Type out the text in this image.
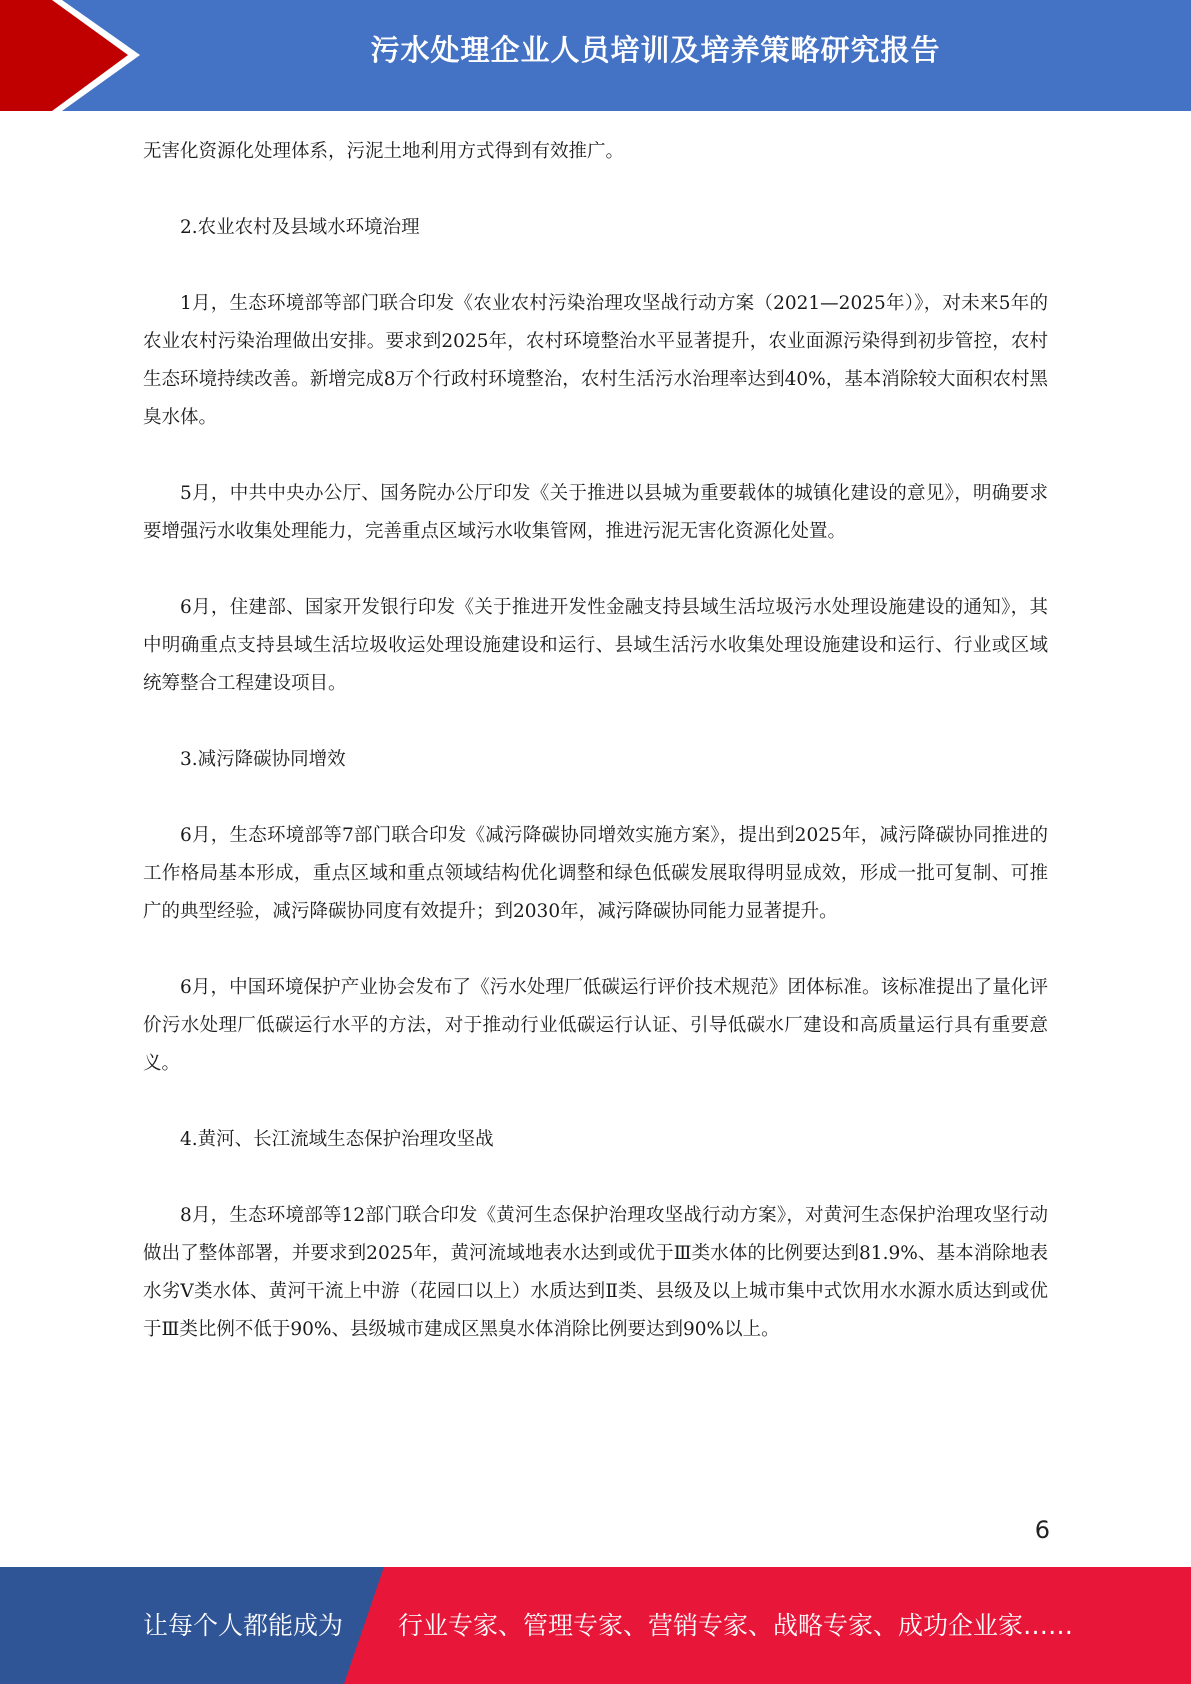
污水处理企业人员培训及培养策略研究报告

无害化资源化处理体系，污泥土地利用方式得到有效推广。

2.农业农村及县域水环境治理

1月，生态环境部等部门联合印发《农业农村污染治理攻坚战行动方案（2021—2025年）》，对未来5年的农业农村污染治理做出安排。要求到2025年，农村环境整治水平显著提升，农业面源污染得到初步管控，农村生态环境持续改善。新增完成8万个行政村环境整治，农村生活污水治理率达到40%，基本消除较大面积农村黑臭水体。

5月，中共中央办公厅、国务院办公厅印发《关于推进以县城为重要载体的城镇化建设的意见》，明确要求要增强污水收集处理能力，完善重点区域污水收集管网，推进污泥无害化资源化处置。

6月，住建部、国家开发银行印发《关于推进开发性金融支持县域生活垃圾污水处理设施建设的通知》，其中明确重点支持县域生活垃圾收运处理设施建设和运行、县域生活污水收集处理设施建设和运行、行业或区域统筹整合工程建设项目。

3.减污降碳协同增效

6月，生态环境部等7部门联合印发《减污降碳协同增效实施方案》，提出到2025年，减污降碳协同推进的工作格局基本形成，重点区域和重点领域结构优化调整和绿色低碳发展取得明显成效，形成一批可复制、可推广的典型经验，减污降碳协同度有效提升；到2030年，减污降碳协同能力显著提升。

6月，中国环境保护产业协会发布了《污水处理厂低碳运行评价技术规范》团体标准。该标准提出了量化评价污水处理厂低碳运行水平的方法，对于推动行业低碳运行认证、引导低碳水厂建设和高质量运行具有重要意义。

4.黄河、长江流域生态保护治理攻坚战

8月，生态环境部等12部门联合印发《黄河生态保护治理攻坚战行动方案》，对黄河生态保护治理攻坚行动做出了整体部署，并要求到2025年，黄河流域地表水达到或优于Ⅲ类水体的比例要达到81.9%、基本消除地表水劣Ⅴ类水体、黄河干流上中游（花园口以上）水质达到Ⅱ类、县级及以上城市集中式饮用水水源水质达到或优于Ⅲ类比例不低于90%、县级城市建成区黑臭水体消除比例要达到90%以上。

6
让每个人都能成为 行业专家、管理专家、营销专家、战略专家、成功企业家……
